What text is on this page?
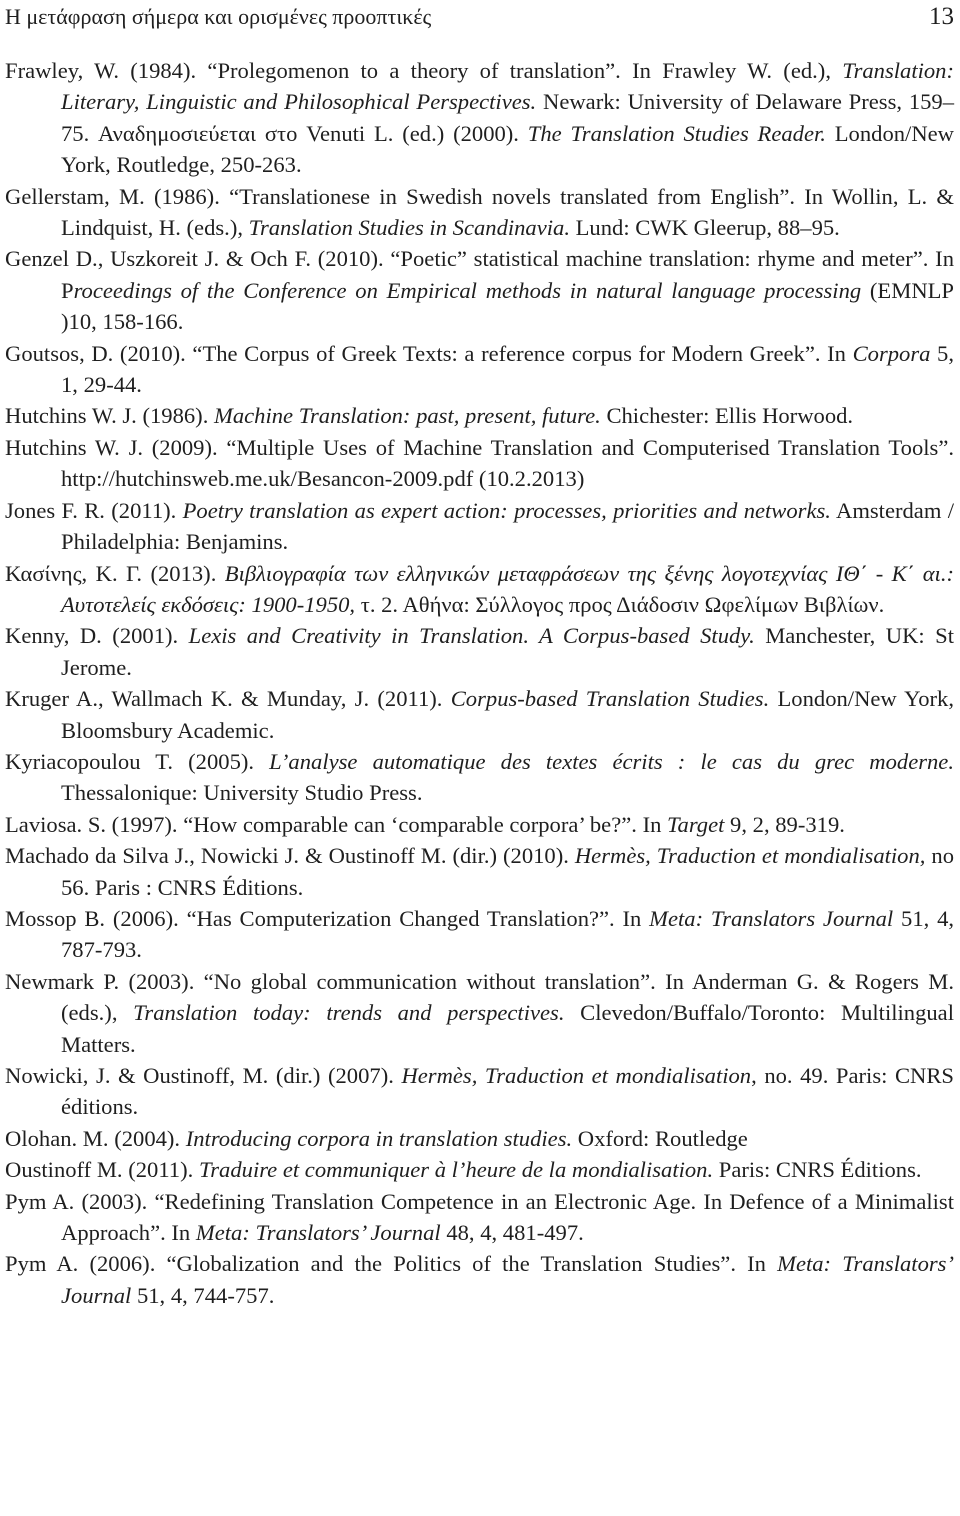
Η μετάφραση σήμερα και ορισμένες προοπτικές	13

Frawley, W. (1984). “Prolegomenon to a theory of translation”. In Frawley W. (ed.), Translation: Literary, Linguistic and Philosophical Perspectives. Newark: University of Delaware Press, 159–75. Αναδημοσιεύεται στο Venuti L. (ed.) (2000). The Translation Studies Reader. London/New York, Routledge, 250-263.

Gellerstam, M. (1986). “Translationese in Swedish novels translated from English”. In Wollin, L. & Lindquist, H. (eds.), Translation Studies in Scandinavia. Lund: CWK Gleerup, 88–95.

Genzel D., Uszkoreit J. & Och F. (2010). “Poetic” statistical machine translation: rhyme and meter”. In Proceedings of the Conference on Empirical methods in natural language processing (EMNLP )10, 158-166.

Goutsos, D. (2010). “The Corpus of Greek Texts: a reference corpus for Modern Greek”. In Corpora 5, 1, 29-44.

Hutchins W. J. (1986). Machine Translation: past, present, future. Chichester: Ellis Horwood.

Hutchins W. J. (2009). “Multiple Uses of Machine Translation and Computerised Translation Tools”. http://hutchinsweb.me.uk/Besancon-2009.pdf (10.2.2013)

Jones F. R. (2011). Poetry translation as expert action: processes, priorities and networks. Amsterdam / Philadelphia: Benjamins.

Κασίνης, Κ. Γ. (2013). Βιβλιογραφία των ελληνικών μεταφράσεων της ξένης λογοτεχνίας ΙΘ΄ - Κ΄ αι.: Αυτοτελείς εκδόσεις: 1900-1950, τ. 2. Αθήνα: Σύλλογος προς Διάδοσιν Ωφελίμων Βιβλίων.

Kenny, D. (2001). Lexis and Creativity in Translation. A Corpus-based Study. Manchester, UK: St Jerome.

Kruger A., Wallmach K. & Munday, J. (2011). Corpus-based Translation Studies. London/New York, Bloomsbury Academic.

Kyriacopoulou T. (2005). L’analyse automatique des textes écrits : le cas du grec moderne. Thessalonique: University Studio Press.

Laviosa. S. (1997). “How comparable can ‘comparable corpora’ be?”. In Target 9, 2, 89-319.

Machado da Silva J., Nowicki J. & Oustinoff M. (dir.) (2010). Hermès, Traduction et mondialisation, no 56. Paris : CNRS Éditions.

Mossop B. (2006). “Has Computerization Changed Translation?”. In Meta: Translators Journal 51, 4, 787-793.

Newmark P. (2003). “No global communication without translation”. In Anderman G. & Rogers M. (eds.), Translation today: trends and perspectives. Clevedon/Buffalo/Toronto: Multilingual Matters.

Nowicki, J. & Oustinoff, M. (dir.) (2007). Hermès, Traduction et mondialisation, no. 49. Paris: CNRS éditions.

Olohan. M. (2004). Introducing corpora in translation studies. Oxford: Routledge

Oustinoff M. (2011). Traduire et communiquer à l’heure de la mondialisation. Paris: CNRS Éditions.

Pym A. (2003). “Redefining Translation Competence in an Electronic Age. In Defence of a Minimalist Approach”. In Meta: Translators’ Journal 48, 4, 481-497.

Pym A. (2006). “Globalization and the Politics of the Translation Studies”. In Meta: Translators’ Journal 51, 4, 744-757.
